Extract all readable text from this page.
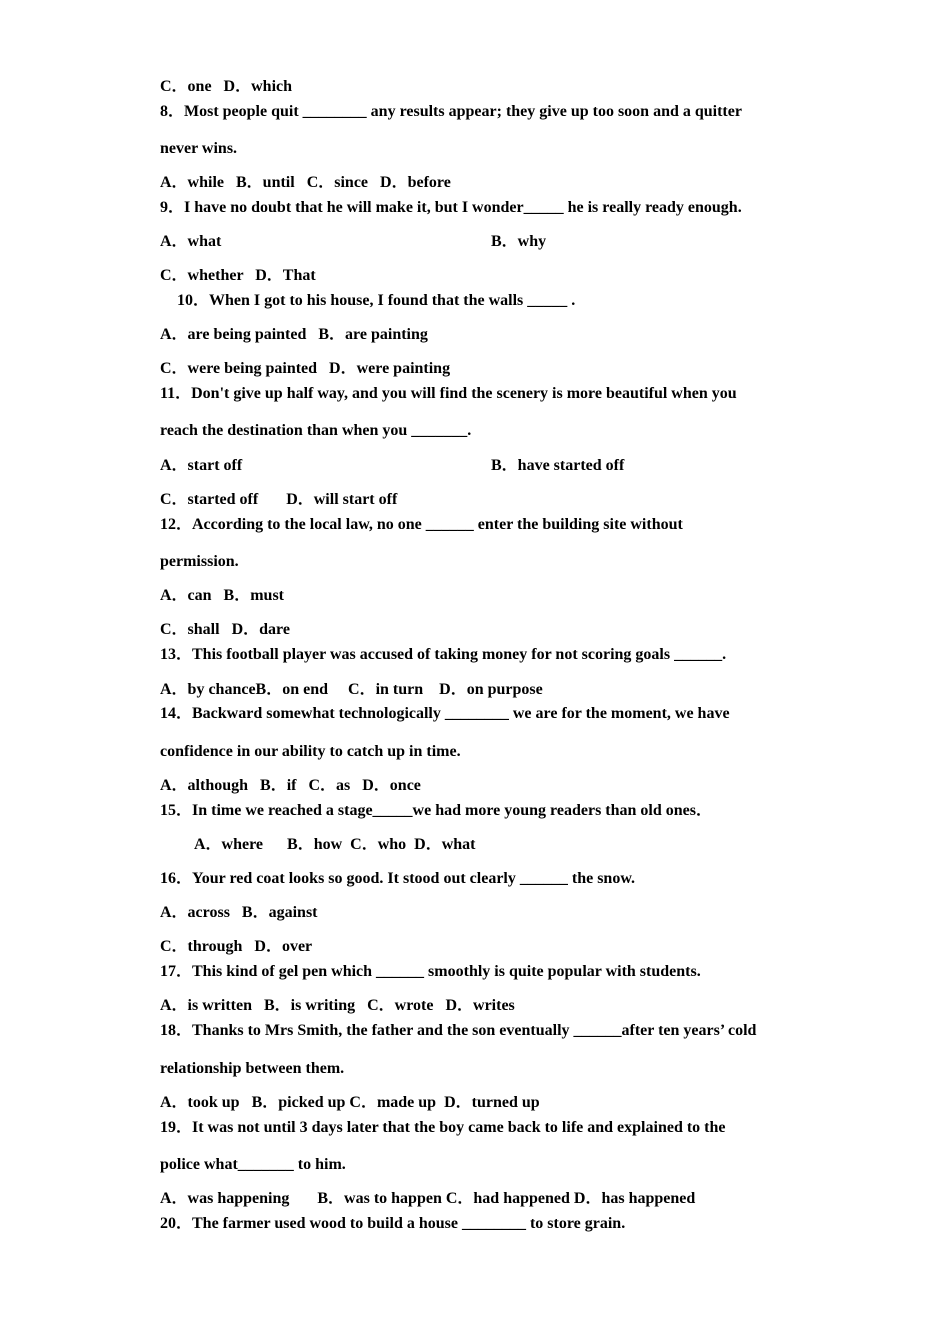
C．one   D．which

8．Most people quit ________ any results appear; they give up too soon and a quitter

never wins.

A．while   B．until   C．since   D．before

9．I have no doubt that he will make it, but I wonder_____ he is really ready enough.

A．what	B．why

C．whether   D．That

10．When I got to his house, I found that the walls _____ .

A．are being painted   B．are painting

C．were being painted   D．were painting

11．Don't give up half way, and you will find the scenery is more beautiful when you

reach the destination than when you _______.

A．start off	B．have started off

C．started off       D．will start off

12．According to the local law, no one ______ enter the building site without

permission.

A．can   B．must

C．shall   D．dare

13．This football player was accused of taking money for not scoring goals ______.

A．by chanceB．on end     C．in turn    D．on purpose

14．Backward somewhat technologically ________ we are for the moment, we have

confidence in our ability to catch up in time.

A．although   B．if   C．as   D．once

15．In time we reached a stage_____we had more young readers than old ones．

A．where      B．how  C．who  D．what

16．Your red coat looks so good. It stood out clearly ______ the snow.

A．across   B．against

C．through   D．over

17．This kind of gel pen which ______ smoothly is quite popular with students.

A．is written   B．is writing   C．wrote   D．writes

18．Thanks to Mrs Smith, the father and the son eventually ______after ten years’ cold

relationship between them.

A．took up   B．picked up C．made up  D．turned up

19．It was not until 3 days later that the boy came back to life and explained to the

police what_______ to him.

A．was happening       B．was to happen C．had happened D．has happened

20．The farmer used wood to build a house ________ to store grain.
